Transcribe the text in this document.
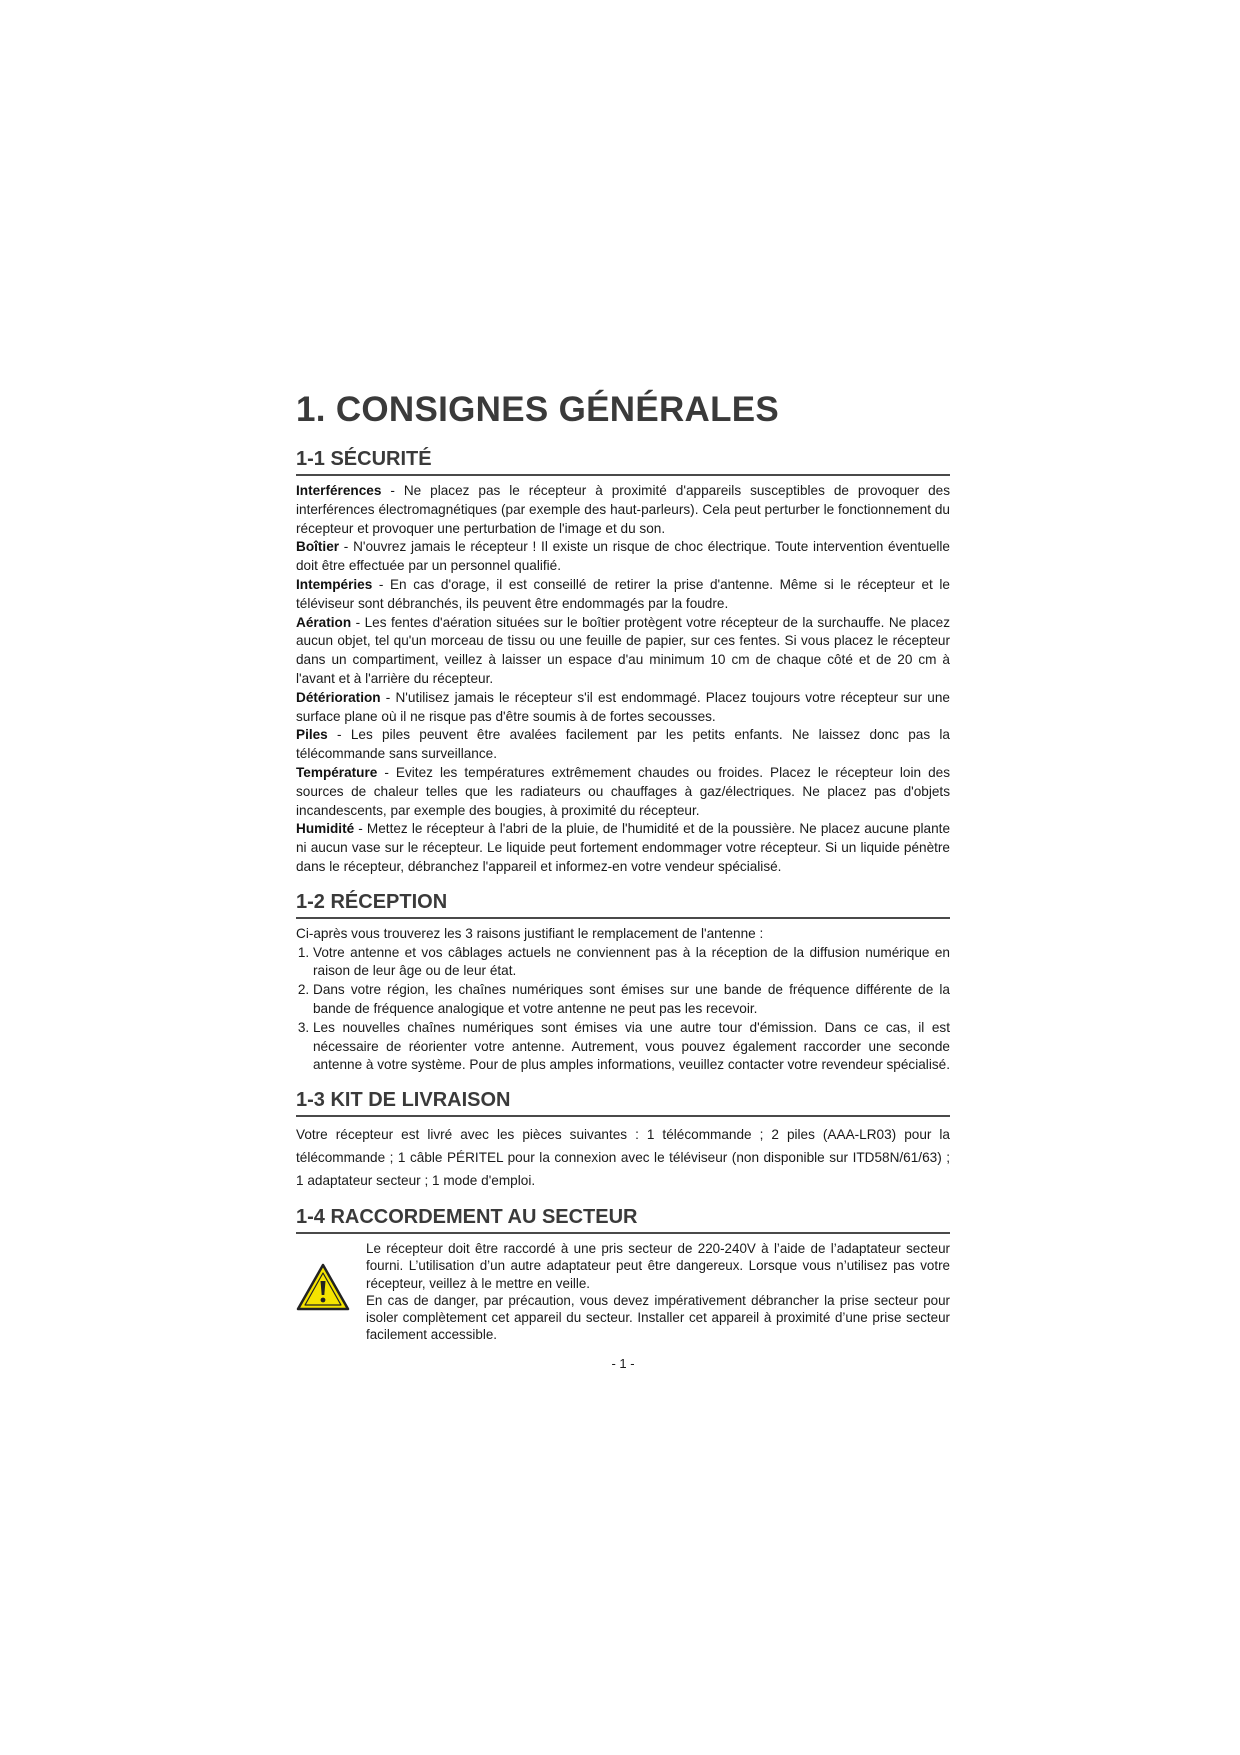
1. CONSIGNES GÉNÉRALES
1-1 SÉCURITÉ

Interférences - Ne placez pas le récepteur à proximité d'appareils susceptibles de provoquer des interférences électromagnétiques (par exemple des haut-parleurs). Cela peut perturber le fonctionnement du récepteur et provoquer une perturbation de l'image et du son.

Boîtier - N'ouvrez jamais le récepteur ! Il existe un risque de choc électrique. Toute intervention éventuelle doit être effectuée par un personnel qualifié.

Intempéries - En cas d'orage, il est conseillé de retirer la prise d'antenne. Même si le récepteur et le téléviseur sont débranchés, ils peuvent être endommagés par la foudre.

Aération - Les fentes d'aération situées sur le boîtier protègent votre récepteur de la surchauffe. Ne placez aucun objet, tel qu'un morceau de tissu ou une feuille de papier, sur ces fentes. Si vous placez le récepteur dans un compartiment, veillez à laisser un espace d'au minimum 10 cm de chaque côté et de 20 cm à l'avant et à l'arrière du récepteur.

Détérioration - N'utilisez jamais le récepteur s'il est endommagé. Placez toujours votre récepteur sur une surface plane où il ne risque pas d'être soumis à de fortes secousses.

Piles - Les piles peuvent être avalées facilement par les petits enfants. Ne laissez donc pas la télécommande sans surveillance.

Température - Evitez les températures extrêmement chaudes ou froides. Placez le récepteur loin des sources de chaleur telles que les radiateurs ou chauffages à gaz/électriques. Ne placez pas d'objets incandescents, par exemple des bougies, à proximité du récepteur.

Humidité - Mettez le récepteur à l'abri de la pluie, de l'humidité et de la poussière. Ne placez aucune plante ni aucun vase sur le récepteur. Le liquide peut fortement endommager votre récepteur. Si un liquide pénètre dans le récepteur, débranchez l'appareil et informez-en votre vendeur spécialisé.

1-2 RÉCEPTION

Ci-après vous trouverez les 3 raisons justifiant le remplacement de l'antenne :

1. Votre antenne et vos câblages actuels ne conviennent pas à la réception de la diffusion numérique en raison de leur âge ou de leur état.
2. Dans votre région, les chaînes numériques sont émises sur une bande de fréquence différente de la bande de fréquence analogique et votre antenne ne peut pas les recevoir.
3. Les nouvelles chaînes numériques sont émises via une autre tour d'émission. Dans ce cas, il est nécessaire de réorienter votre antenne. Autrement, vous pouvez également raccorder une seconde antenne à votre système. Pour de plus amples informations, veuillez contacter votre revendeur spécialisé.
1-3 KIT DE LIVRAISON

Votre récepteur est livré avec les pièces suivantes : 1 télécommande ; 2 piles (AAA-LR03) pour la télécommande ; 1 câble PÉRITEL pour la connexion avec le téléviseur (non disponible sur ITD58N/61/63) ; 1 adaptateur secteur ; 1 mode d'emploi.

1-4 RACCORDEMENT AU SECTEUR

Le récepteur doit être raccordé à une pris secteur de 220-240V à l’aide de l’adaptateur secteur fourni. L’utilisation d’un autre adaptateur peut être dangereux. Lorsque vous n’utilisez pas votre récepteur, veillez à le mettre en veille.

En cas de danger, par précaution, vous devez impérativement débrancher la prise secteur pour isoler complètement cet appareil du secteur. Installer cet appareil à proximité d’une prise secteur facilement accessible.

- 1 -
